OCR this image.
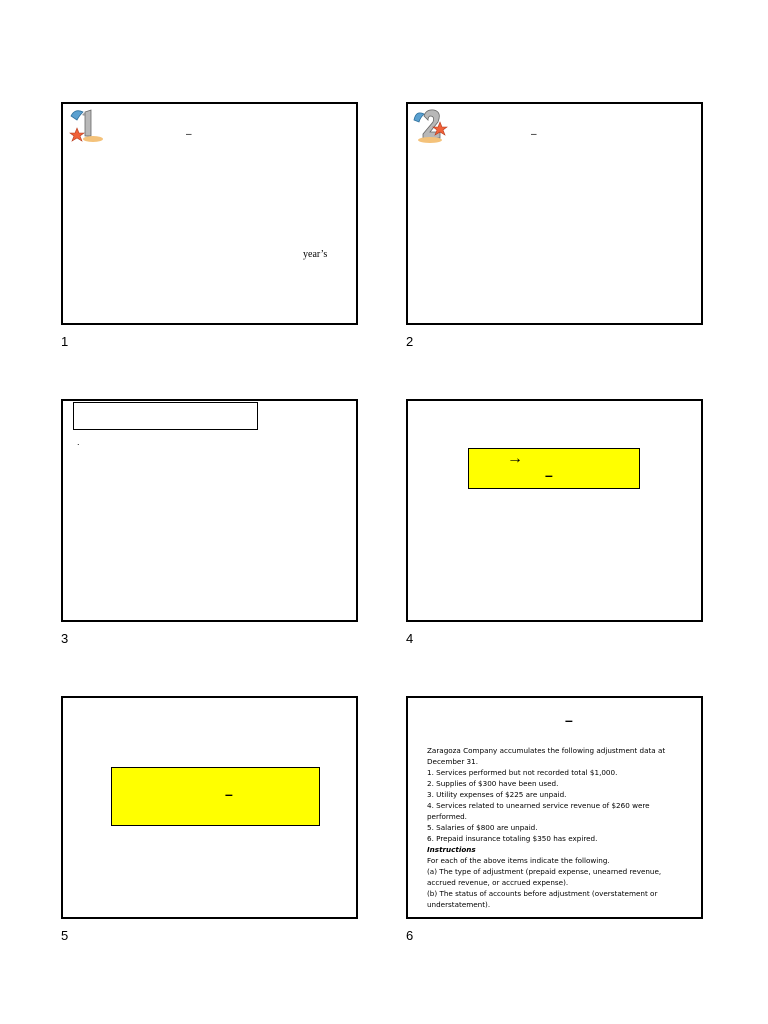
–
year’s
1
–
2
.
3
→
–
4
–
5
–
Zaragoza Company accumulates the following adjustment data at
December 31.
1. Services performed but not recorded total $1,000.
2. Supplies of $300 have been used.
3. Utility expenses of $225 are unpaid.
4. Services related to unearned service revenue of $260 were
performed.
5. Salaries of $800 are unpaid.
6. Prepaid insurance totaling $350 has expired.
Instructions
For each of the above items indicate the following.
(a) The type of adjustment (prepaid expense, unearned revenue,
accrued revenue, or accrued expense).
(b) The status of accounts before adjustment (overstatement or
understatement).
6
